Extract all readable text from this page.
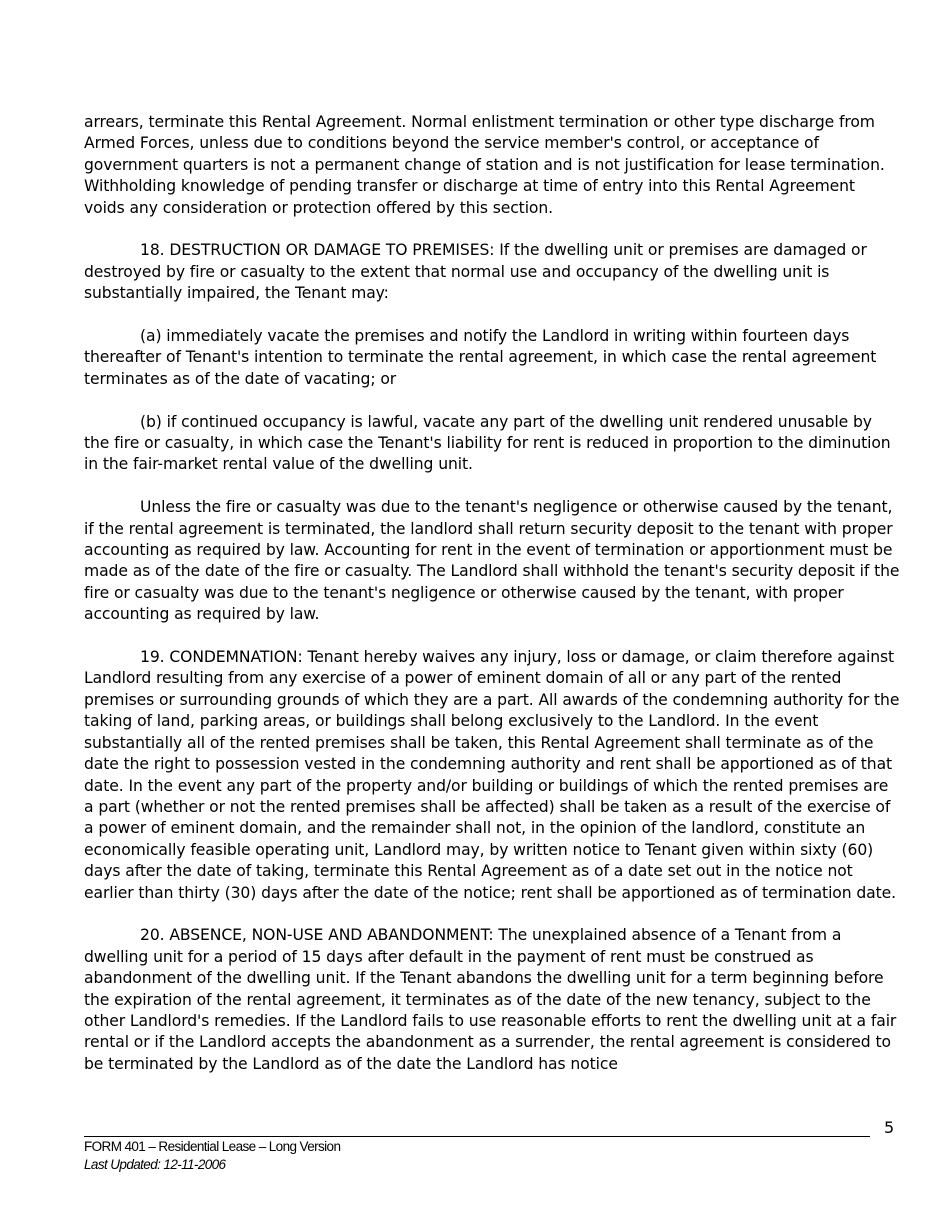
arrears, terminate this Rental Agreement. Normal enlistment termination or other type discharge from Armed Forces, unless due to conditions beyond the service member's control, or acceptance of government quarters is not a permanent change of station and is not justification for lease termination. Withholding knowledge of pending transfer or discharge at time of entry into this Rental Agreement voids any consideration or protection offered by this section.

18. DESTRUCTION OR DAMAGE TO PREMISES: If the dwelling unit or premises are damaged or destroyed by fire or casualty to the extent that normal use and occupancy of the dwelling unit is substantially impaired, the Tenant may:

(a) immediately vacate the premises and notify the Landlord in writing within fourteen days thereafter of Tenant's intention to terminate the rental agreement, in which case the rental agreement terminates as of the date of vacating; or

(b) if continued occupancy is lawful, vacate any part of the dwelling unit rendered unusable by the fire or casualty, in which case the Tenant's liability for rent is reduced in proportion to the diminution in the fair-market rental value of the dwelling unit.

Unless the fire or casualty was due to the tenant's negligence or otherwise caused by the tenant, if the rental agreement is terminated, the landlord shall return security deposit to the tenant with proper accounting as required by law. Accounting for rent in the event of termination or apportionment must be made as of the date of the fire or casualty. The Landlord shall withhold the tenant's security deposit if the fire or casualty was due to the tenant's negligence or otherwise caused by the tenant, with proper accounting as required by law.

19. CONDEMNATION: Tenant hereby waives any injury, loss or damage, or claim therefore against Landlord resulting from any exercise of a power of eminent domain of all or any part of the rented premises or surrounding grounds of which they are a part. All awards of the condemning authority for the taking of land, parking areas, or buildings shall belong exclusively to the Landlord. In the event substantially all of the rented premises shall be taken, this Rental Agreement shall terminate as of the date the right to possession vested in the condemning authority and rent shall be apportioned as of that date. In the event any part of the property and/or building or buildings of which the rented premises are a part (whether or not the rented premises shall be affected) shall be taken as a result of the exercise of a power of eminent domain, and the remainder shall not, in the opinion of the landlord, constitute an economically feasible operating unit, Landlord may, by written notice to Tenant given within sixty (60) days after the date of taking, terminate this Rental Agreement as of a date set out in the notice not earlier than thirty (30) days after the date of the notice; rent shall be apportioned as of termination date.

20. ABSENCE, NON-USE AND ABANDONMENT: The unexplained absence of a Tenant from a dwelling unit for a period of 15 days after default in the payment of rent must be construed as abandonment of the dwelling unit. If the Tenant abandons the dwelling unit for a term beginning before the expiration of the rental agreement, it terminates as of the date of the new tenancy, subject to the other Landlord's remedies. If the Landlord fails to use reasonable efforts to rent the dwelling unit at a fair rental or if the Landlord accepts the abandonment as a surrender, the rental agreement is considered to be terminated by the Landlord as of the date the Landlord has notice

5
FORM 401 – Residential Lease – Long Version
Last Updated: 12-11-2006
